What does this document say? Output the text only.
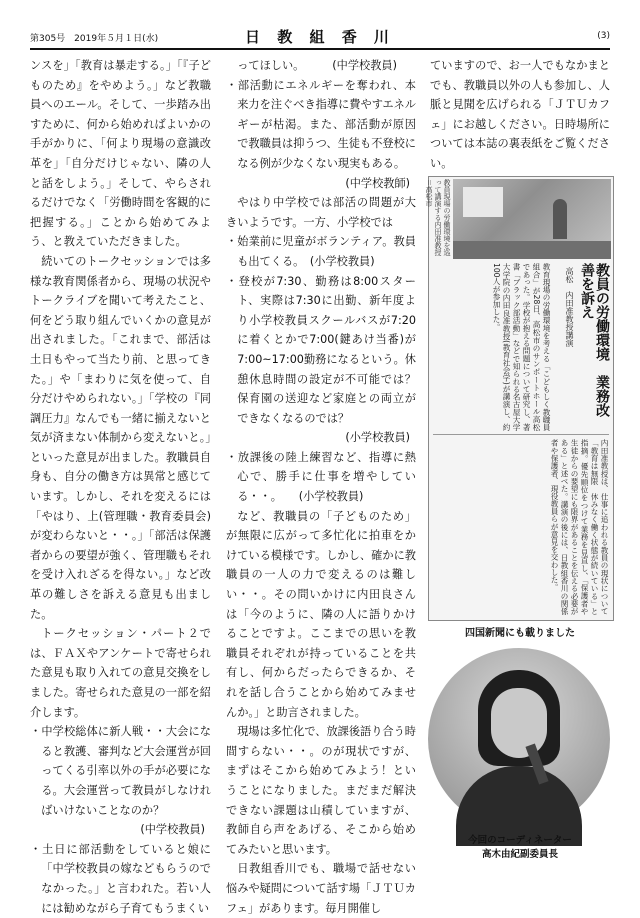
第305号　2019年５月１日(水)	日 教 組 香 川	(3)

ンスを」「教育は暴走する。」「『子どものため』をやめよう。」など教職員へのエール。そして、一歩踏み出すために、何から始めればよいかの手がかりに、「何より現場の意識改革を」「自分だけじゃない、隣の人と話をしよう。」そして、やらされるだけでなく「労働時間を客観的に把握する。」ことから始めてみよう、と教えていただきました。

続いてのトークセッションでは多様な教育関係者から、現場の状況やトークライブを聞いて考えたこと、何をどう取り組んでいくかの意見が出されました。「これまで、部活は土日もやって当たり前、と思ってきた。」や「まわりに気を使って、自分だけやめられない。」「学校の『同調圧力』なんでも一緒に揃えないと気が済まない体制から変えないと。」といった意見が出ました。教職員自身も、自分の働き方は異常と感じています。しかし、それを変えるには「やはり、上(管理職・教育委員会)が変わらないと・・。」「部活は保護者からの要望が強く、管理職もそれを受け入れざるを得ない。」など改革の難しさを訴える意見も出ました。

トークセッション・パート２では、ＦＡＸやアンケートで寄せられた意見も取り入れての意見交換をしました。寄せられた意見の一部を紹介します。

・中学校総体に新人戦・・大会になると教護、審判など大会運営が回ってくる引率以外の手が必要になる。大会運営って教員がしなければいけないことなのか？

(中学校教員)

・土日に部活動をしていると娘に「中学校教員の嫁などもらうのでなかった。」と言われた。若い人には勧めながら子育てもうまくい

ってほしい。　　　(中学校教員)

・部活動にエネルギーを奪われ、本来力を注ぐべき指導に費やすエネルギーが枯渇。また、部活動が原因で教職員は抑うつ、生徒も不登校になる例が少なくない現実もある。

(中学校教師)

やはり中学校では部活の問題が大きいようです。一方、小学校では

・始業前に児童がボランティア。教員も出てくる。　(小学校教員)

・登校が7:30、勤務は8:00スタート、実際は7:30に出勤、新年度より小学校教員スクールバスが7:20に着くとかで7:00(鍵あけ当番)が7:00~17:00勤務になるという。休憩休息時間の設定が不可能では？保育園の送迎など家庭との両立ができなくなるのでは？

(小学校教員)

・放課後の陸上練習など、指導に熱心で、勝手に仕事を増やしている・・。　　(小学校教員)

など、教職員の「子どものため」が無限に広がって多忙化に拍車をかけている模様です。しかし、確かに教職員の一人の力で変えるのは難しい・・。その問いかけに内田良さんは「今のように、隣の人に語りかけることですよ。ここまでの思いを教職員それぞれが持っていることを共有し、何からだったらできるか、それを話し合うことから始めてみませんか。」と助言されました。

現場は多忙化で、放課後語り合う時間すらない・・。のが現状ですが、まずはそこから始めてみよう！ということになりました。まだまだ解決できない課題は山積していますが、教師自ら声をあげる、そこから始めてみたいと思います。

日教組香川でも、職場で話せない悩みや疑問について話す場「ＪＴＵカフェ」があります。毎月開催し

ていますので、お一人でもなかまとでも、教職員以外の人も参加し、人脈と見聞を広げられる「ＪＴＵカフェ」にお越しください。日時場所については本誌の裏表紙をご覧ください。

教員現場の労働環境を巡って講演する内田准教授＝高松市
教員の労働環境　業務改善を訴え
高松　内田准教授講演
教育現場の労働環境を考える「こどもしく教職員組合」が28日、高松市のサンポートホール高松であった。学校が抱える問題について研究し、著書「ブラック部活動」などで知られる名古屋大学大学院の内田良准教授(教育社会学)が講演し、約100人が参加した。
内田准教授は、仕事に追われる教員の現状について「教育は無限　休みなく働く状態が続いている」と指摘。優先順位をつけて業務を見直し、「保護者や生徒からの要望にも限界があることを伝える必要がある」と述べた。講演の後には、日教組香川の関係者や保護者、現役教員らが意見を交わした。
四国新聞にも載りました
今回のコーディネーター
高木由紀副委員長
